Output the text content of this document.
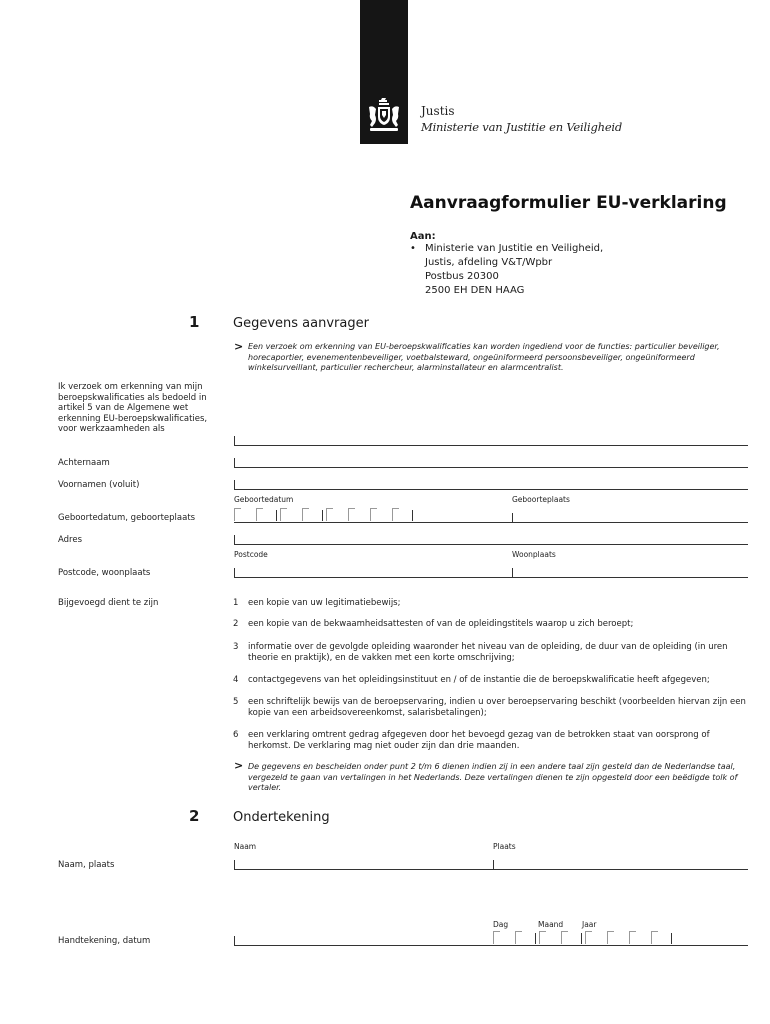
Justis
Ministerie van Justitie en Veiligheid
Aanvraagformulier EU-verklaring
Aan:
• Ministerie van Justitie en Veiligheid,
Justis, afdeling V&T/Wpbr
Postbus 20300
2500 EH DEN HAAG
1	Gegevens aanvrager
> Een verzoek om erkenning van EU-beroepskwalificaties kan worden ingediend voor de functies: particulier beveiliger, horecaportier, evenementenbeveiliger, voetbalsteward, ongeüniformeerd persoonsbeveiliger, ongeüniformeerd winkelsurveillant, particulier rechercheur, alarminstallateur en alarmcentralist.
Ik verzoek om erkenning van mijn beroepskwalificaties als bedoeld in artikel 5 van de Algemene wet erkenning EU-beroepskwalificaties, voor werkzaamheden als
Achternaam
Voornamen (voluit)
Geboortedatum	Geboorteplaats
Geboortedatum, geboorteplaats
Adres
Postcode	Woonplaats
Postcode, woonplaats
Bijgevoegd dient te zijn	1	een kopie van uw legitimatiebewijs;
2	een kopie van de bekwaamheidsattesten of van de opleidingstitels waarop u zich beroept;
3	informatie over de gevolgde opleiding waaronder het niveau van de opleiding, de duur van de opleiding (in uren theorie en praktijk), en de vakken met een korte omschrijving;
4	contactgegevens van het opleidingsinstituut en / of de instantie die de beroepskwalificatie heeft afgegeven;
5	een schriftelijk bewijs van de beroepservaring, indien u over beroepservaring beschikt (voorbeelden hiervan zijn een kopie van een arbeidsovereenkomst, salarisbetalingen);
6	een verklaring omtrent gedrag afgegeven door het bevoegd gezag van de betrokken staat van oorsprong of herkomst. De verklaring mag niet ouder zijn dan drie maanden.
> De gegevens en bescheiden onder punt 2 t/m 6 dienen indien zij in een andere taal zijn gesteld dan de Nederlandse taal, vergezeld te gaan van vertalingen in het Nederlands. Deze vertalingen dienen te zijn opgesteld door een beëdigde tolk of vertaler.
2	Ondertekening
Naam	Plaats
Naam, plaats
Dag	Maand	Jaar
Handtekening, datum
